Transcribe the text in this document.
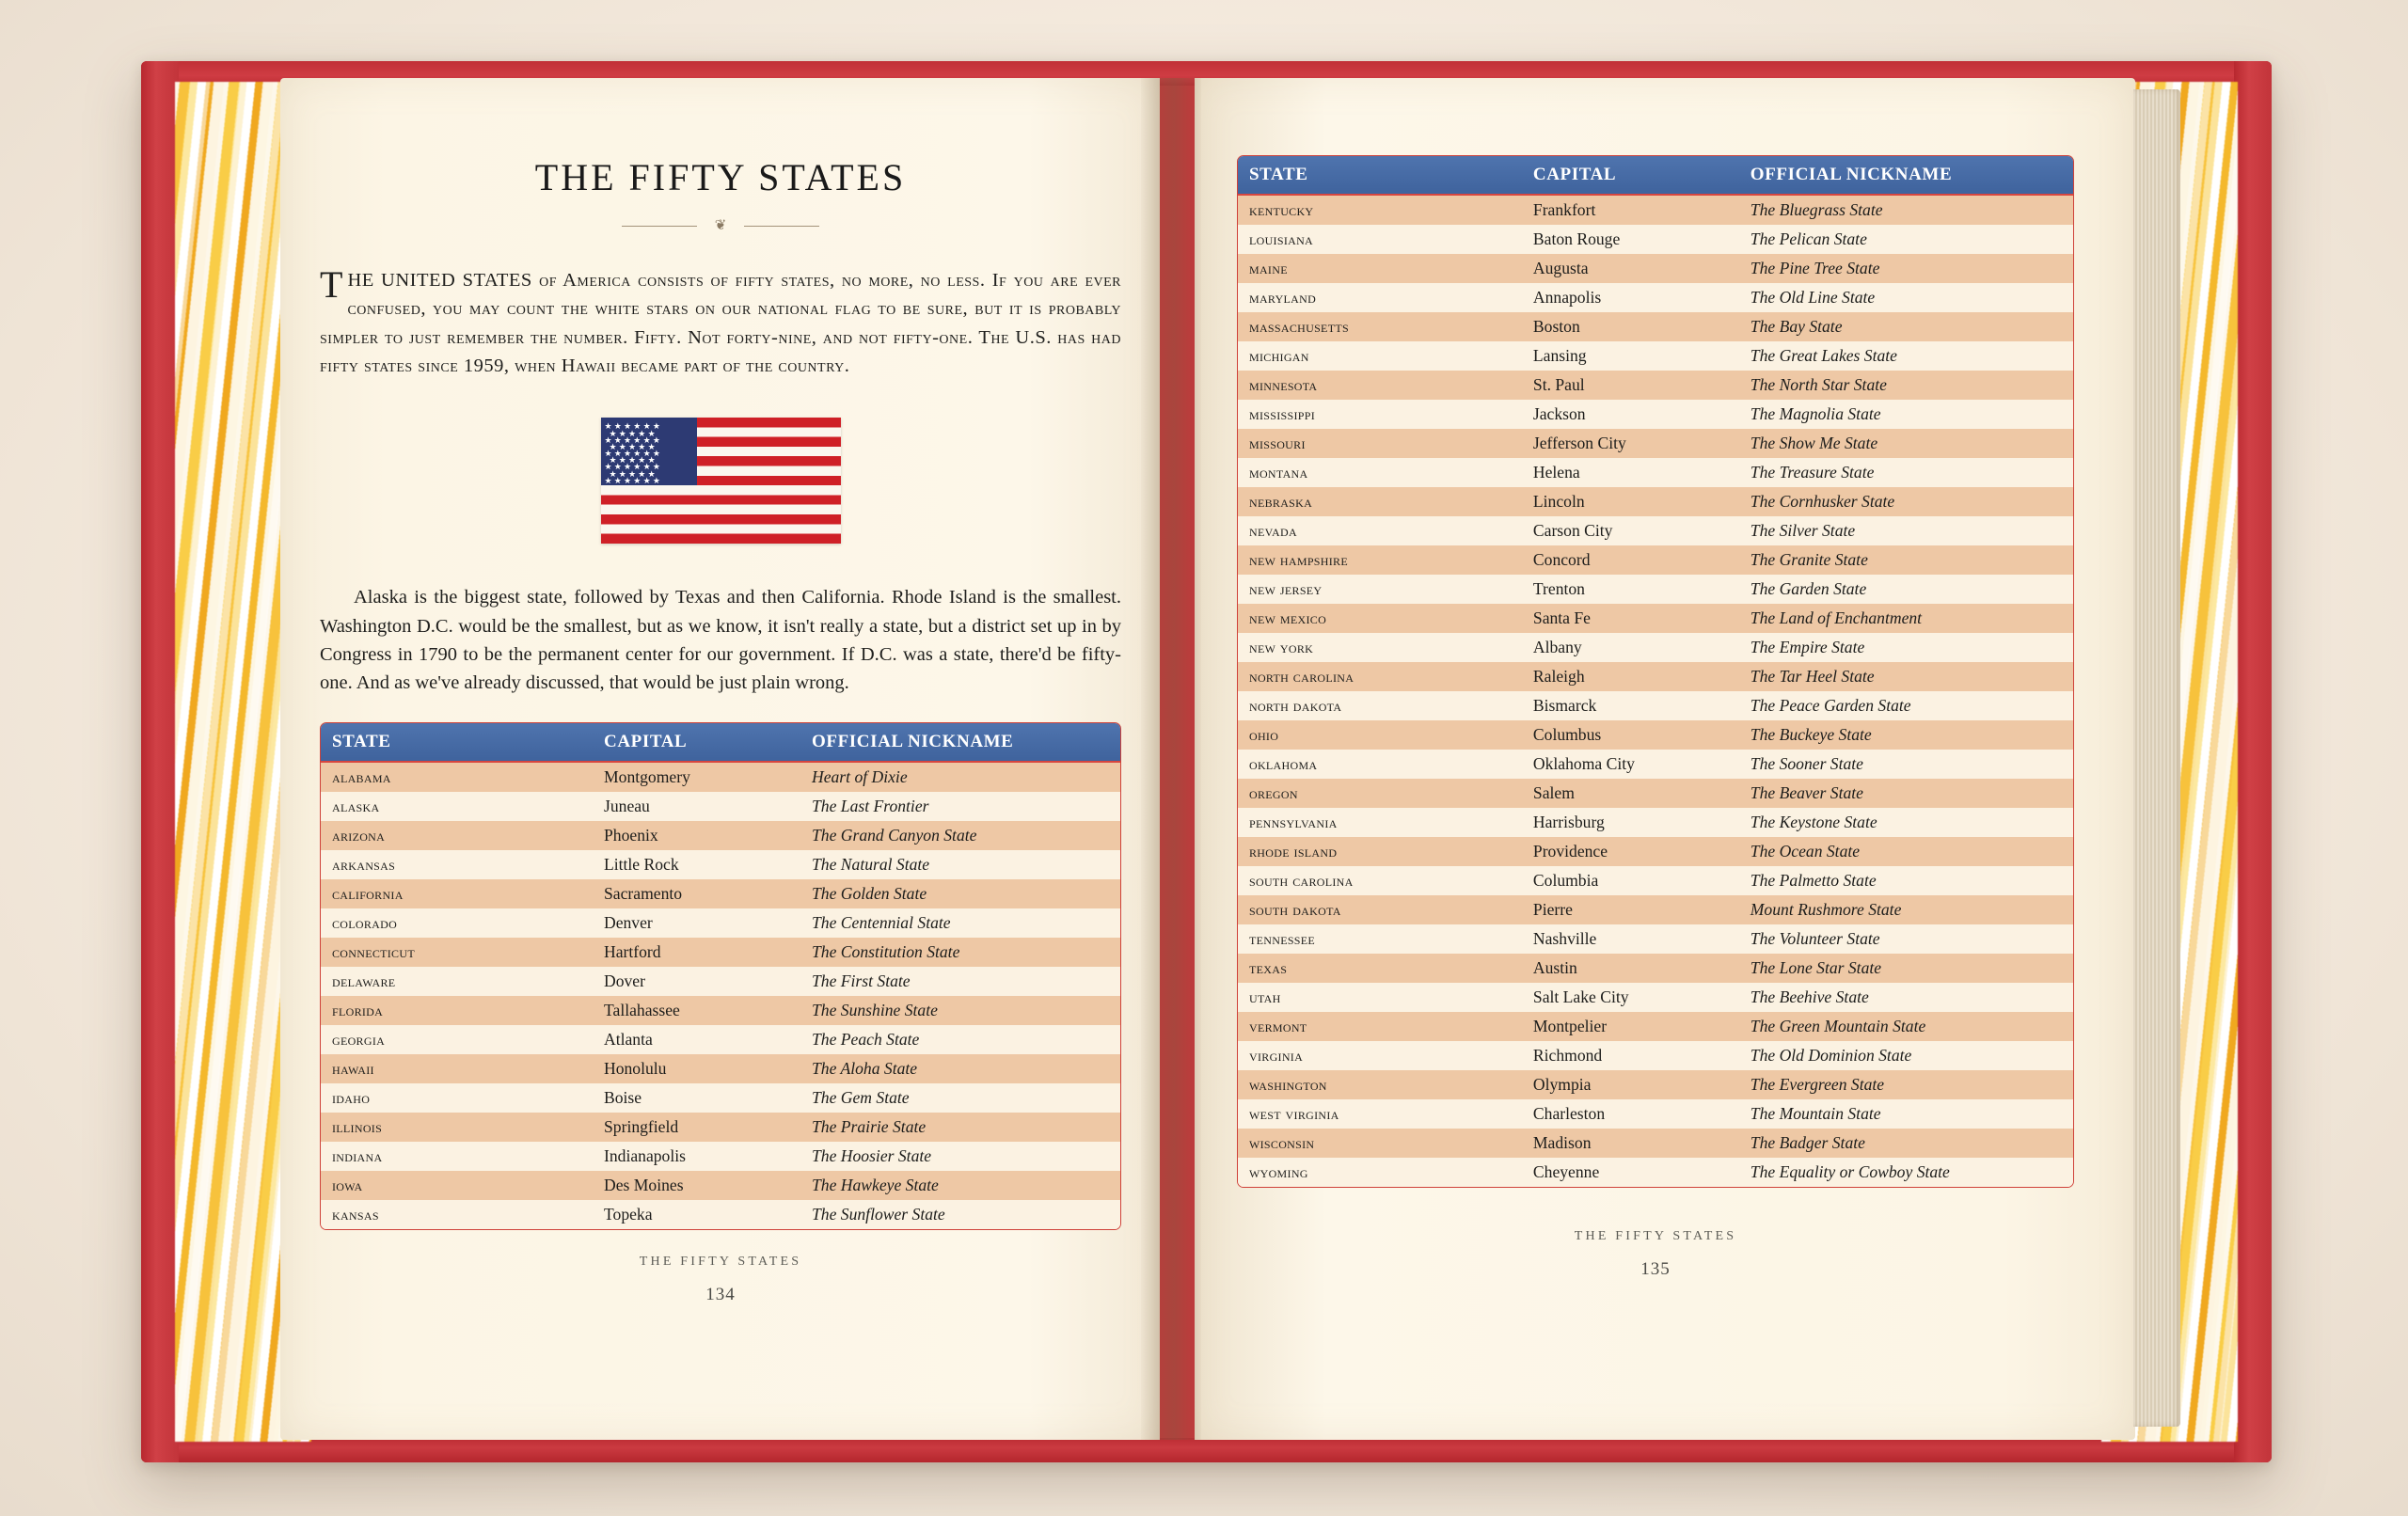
THE FIFTY STATES
❦

THE UNITED STATES of America consists of fifty states, no more, no less. If you are ever confused, you may count the white stars on our national flag to be sure, but it is probably simpler to just remember the number. Fifty. Not forty-nine, and not fifty-one. The U.S. has had fifty states since 1959, when Hawaii became part of the country.

★★★★★★
★★★★★
★★★★★★
★★★★★
★★★★★★
★★★★★
★★★★★★
★★★★★
★★★★★★

Alaska is the biggest state, followed by Texas and then California. Rhode Island is the smallest. Washington D.C. would be the smallest, but as we know, it isn't really a state, but a district set up in by Congress in 1790 to be the permanent center for our government. If D.C. was a state, there'd be fifty-one. And as we've already discussed, that would be just plain wrong.

STATE	CAPITAL	OFFICIAL NICKNAME
alabama	Montgomery	Heart of Dixie
alaska	Juneau	The Last Frontier
arizona	Phoenix	The Grand Canyon State
arkansas	Little Rock	The Natural State
california	Sacramento	The Golden State
colorado	Denver	The Centennial State
connecticut	Hartford	The Constitution State
delaware	Dover	The First State
florida	Tallahassee	The Sunshine State
georgia	Atlanta	The Peach State
hawaii	Honolulu	The Aloha State
idaho	Boise	The Gem State
illinois	Springfield	The Prairie State
indiana	Indianapolis	The Hoosier State
iowa	Des Moines	The Hawkeye State
kansas	Topeka	The Sunflower State
THE FIFTY STATES
134
STATE	CAPITAL	OFFICIAL NICKNAME
kentucky	Frankfort	The Bluegrass State
louisiana	Baton Rouge	The Pelican State
maine	Augusta	The Pine Tree State
maryland	Annapolis	The Old Line State
massachusetts	Boston	The Bay State
michigan	Lansing	The Great Lakes State
minnesota	St. Paul	The North Star State
mississippi	Jackson	The Magnolia State
missouri	Jefferson City	The Show Me State
montana	Helena	The Treasure State
nebraska	Lincoln	The Cornhusker State
nevada	Carson City	The Silver State
new hampshire	Concord	The Granite State
new jersey	Trenton	The Garden State
new mexico	Santa Fe	The Land of Enchantment
new york	Albany	The Empire State
north carolina	Raleigh	The Tar Heel State
north dakota	Bismarck	The Peace Garden State
ohio	Columbus	The Buckeye State
oklahoma	Oklahoma City	The Sooner State
oregon	Salem	The Beaver State
pennsylvania	Harrisburg	The Keystone State
rhode island	Providence	The Ocean State
south carolina	Columbia	The Palmetto State
south dakota	Pierre	Mount Rushmore State
tennessee	Nashville	The Volunteer State
texas	Austin	The Lone Star State
utah	Salt Lake City	The Beehive State
vermont	Montpelier	The Green Mountain State
virginia	Richmond	The Old Dominion State
washington	Olympia	The Evergreen State
west virginia	Charleston	The Mountain State
wisconsin	Madison	The Badger State
wyoming	Cheyenne	The Equality or Cowboy State
THE FIFTY STATES
135
